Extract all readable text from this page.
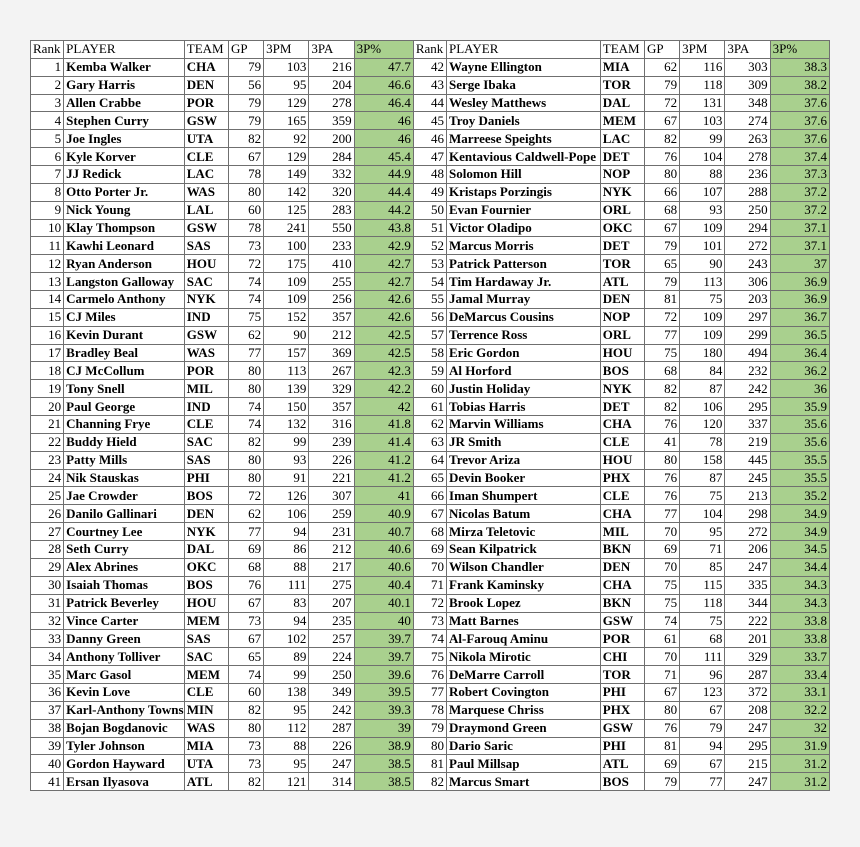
Rank	PLAYER	TEAM	GP	3PM	3PA	3P%	Rank	PLAYER	TEAM	GP	3PM	3PA	3P%
1	Kemba Walker	CHA	79	103	216	47.7	42	Wayne Ellington	MIA	62	116	303	38.3
2	Gary Harris	DEN	56	95	204	46.6	43	Serge Ibaka	TOR	79	118	309	38.2
3	Allen Crabbe	POR	79	129	278	46.4	44	Wesley Matthews	DAL	72	131	348	37.6
4	Stephen Curry	GSW	79	165	359	46	45	Troy Daniels	MEM	67	103	274	37.6
5	Joe Ingles	UTA	82	92	200	46	46	Marreese Speights	LAC	82	99	263	37.6
6	Kyle Korver	CLE	67	129	284	45.4	47	Kentavious Caldwell-Pope	DET	76	104	278	37.4
7	JJ Redick	LAC	78	149	332	44.9	48	Solomon Hill	NOP	80	88	236	37.3
8	Otto Porter Jr.	WAS	80	142	320	44.4	49	Kristaps Porzingis	NYK	66	107	288	37.2
9	Nick Young	LAL	60	125	283	44.2	50	Evan Fournier	ORL	68	93	250	37.2
10	Klay Thompson	GSW	78	241	550	43.8	51	Victor Oladipo	OKC	67	109	294	37.1
11	Kawhi Leonard	SAS	73	100	233	42.9	52	Marcus Morris	DET	79	101	272	37.1
12	Ryan Anderson	HOU	72	175	410	42.7	53	Patrick Patterson	TOR	65	90	243	37
13	Langston Galloway	SAC	74	109	255	42.7	54	Tim Hardaway Jr.	ATL	79	113	306	36.9
14	Carmelo Anthony	NYK	74	109	256	42.6	55	Jamal Murray	DEN	81	75	203	36.9
15	CJ Miles	IND	75	152	357	42.6	56	DeMarcus Cousins	NOP	72	109	297	36.7
16	Kevin Durant	GSW	62	90	212	42.5	57	Terrence Ross	ORL	77	109	299	36.5
17	Bradley Beal	WAS	77	157	369	42.5	58	Eric Gordon	HOU	75	180	494	36.4
18	CJ McCollum	POR	80	113	267	42.3	59	Al Horford	BOS	68	84	232	36.2
19	Tony Snell	MIL	80	139	329	42.2	60	Justin Holiday	NYK	82	87	242	36
20	Paul George	IND	74	150	357	42	61	Tobias Harris	DET	82	106	295	35.9
21	Channing Frye	CLE	74	132	316	41.8	62	Marvin Williams	CHA	76	120	337	35.6
22	Buddy Hield	SAC	82	99	239	41.4	63	JR Smith	CLE	41	78	219	35.6
23	Patty Mills	SAS	80	93	226	41.2	64	Trevor Ariza	HOU	80	158	445	35.5
24	Nik Stauskas	PHI	80	91	221	41.2	65	Devin Booker	PHX	76	87	245	35.5
25	Jae Crowder	BOS	72	126	307	41	66	Iman Shumpert	CLE	76	75	213	35.2
26	Danilo Gallinari	DEN	62	106	259	40.9	67	Nicolas Batum	CHA	77	104	298	34.9
27	Courtney Lee	NYK	77	94	231	40.7	68	Mirza Teletovic	MIL	70	95	272	34.9
28	Seth Curry	DAL	69	86	212	40.6	69	Sean Kilpatrick	BKN	69	71	206	34.5
29	Alex Abrines	OKC	68	88	217	40.6	70	Wilson Chandler	DEN	70	85	247	34.4
30	Isaiah Thomas	BOS	76	111	275	40.4	71	Frank Kaminsky	CHA	75	115	335	34.3
31	Patrick Beverley	HOU	67	83	207	40.1	72	Brook Lopez	BKN	75	118	344	34.3
32	Vince Carter	MEM	73	94	235	40	73	Matt Barnes	GSW	74	75	222	33.8
33	Danny Green	SAS	67	102	257	39.7	74	Al-Farouq Aminu	POR	61	68	201	33.8
34	Anthony Tolliver	SAC	65	89	224	39.7	75	Nikola Mirotic	CHI	70	111	329	33.7
35	Marc Gasol	MEM	74	99	250	39.6	76	DeMarre Carroll	TOR	71	96	287	33.4
36	Kevin Love	CLE	60	138	349	39.5	77	Robert Covington	PHI	67	123	372	33.1
37	Karl-Anthony Towns	MIN	82	95	242	39.3	78	Marquese Chriss	PHX	80	67	208	32.2
38	Bojan Bogdanovic	WAS	80	112	287	39	79	Draymond Green	GSW	76	79	247	32
39	Tyler Johnson	MIA	73	88	226	38.9	80	Dario Saric	PHI	81	94	295	31.9
40	Gordon Hayward	UTA	73	95	247	38.5	81	Paul Millsap	ATL	69	67	215	31.2
41	Ersan Ilyasova	ATL	82	121	314	38.5	82	Marcus Smart	BOS	79	77	247	31.2
